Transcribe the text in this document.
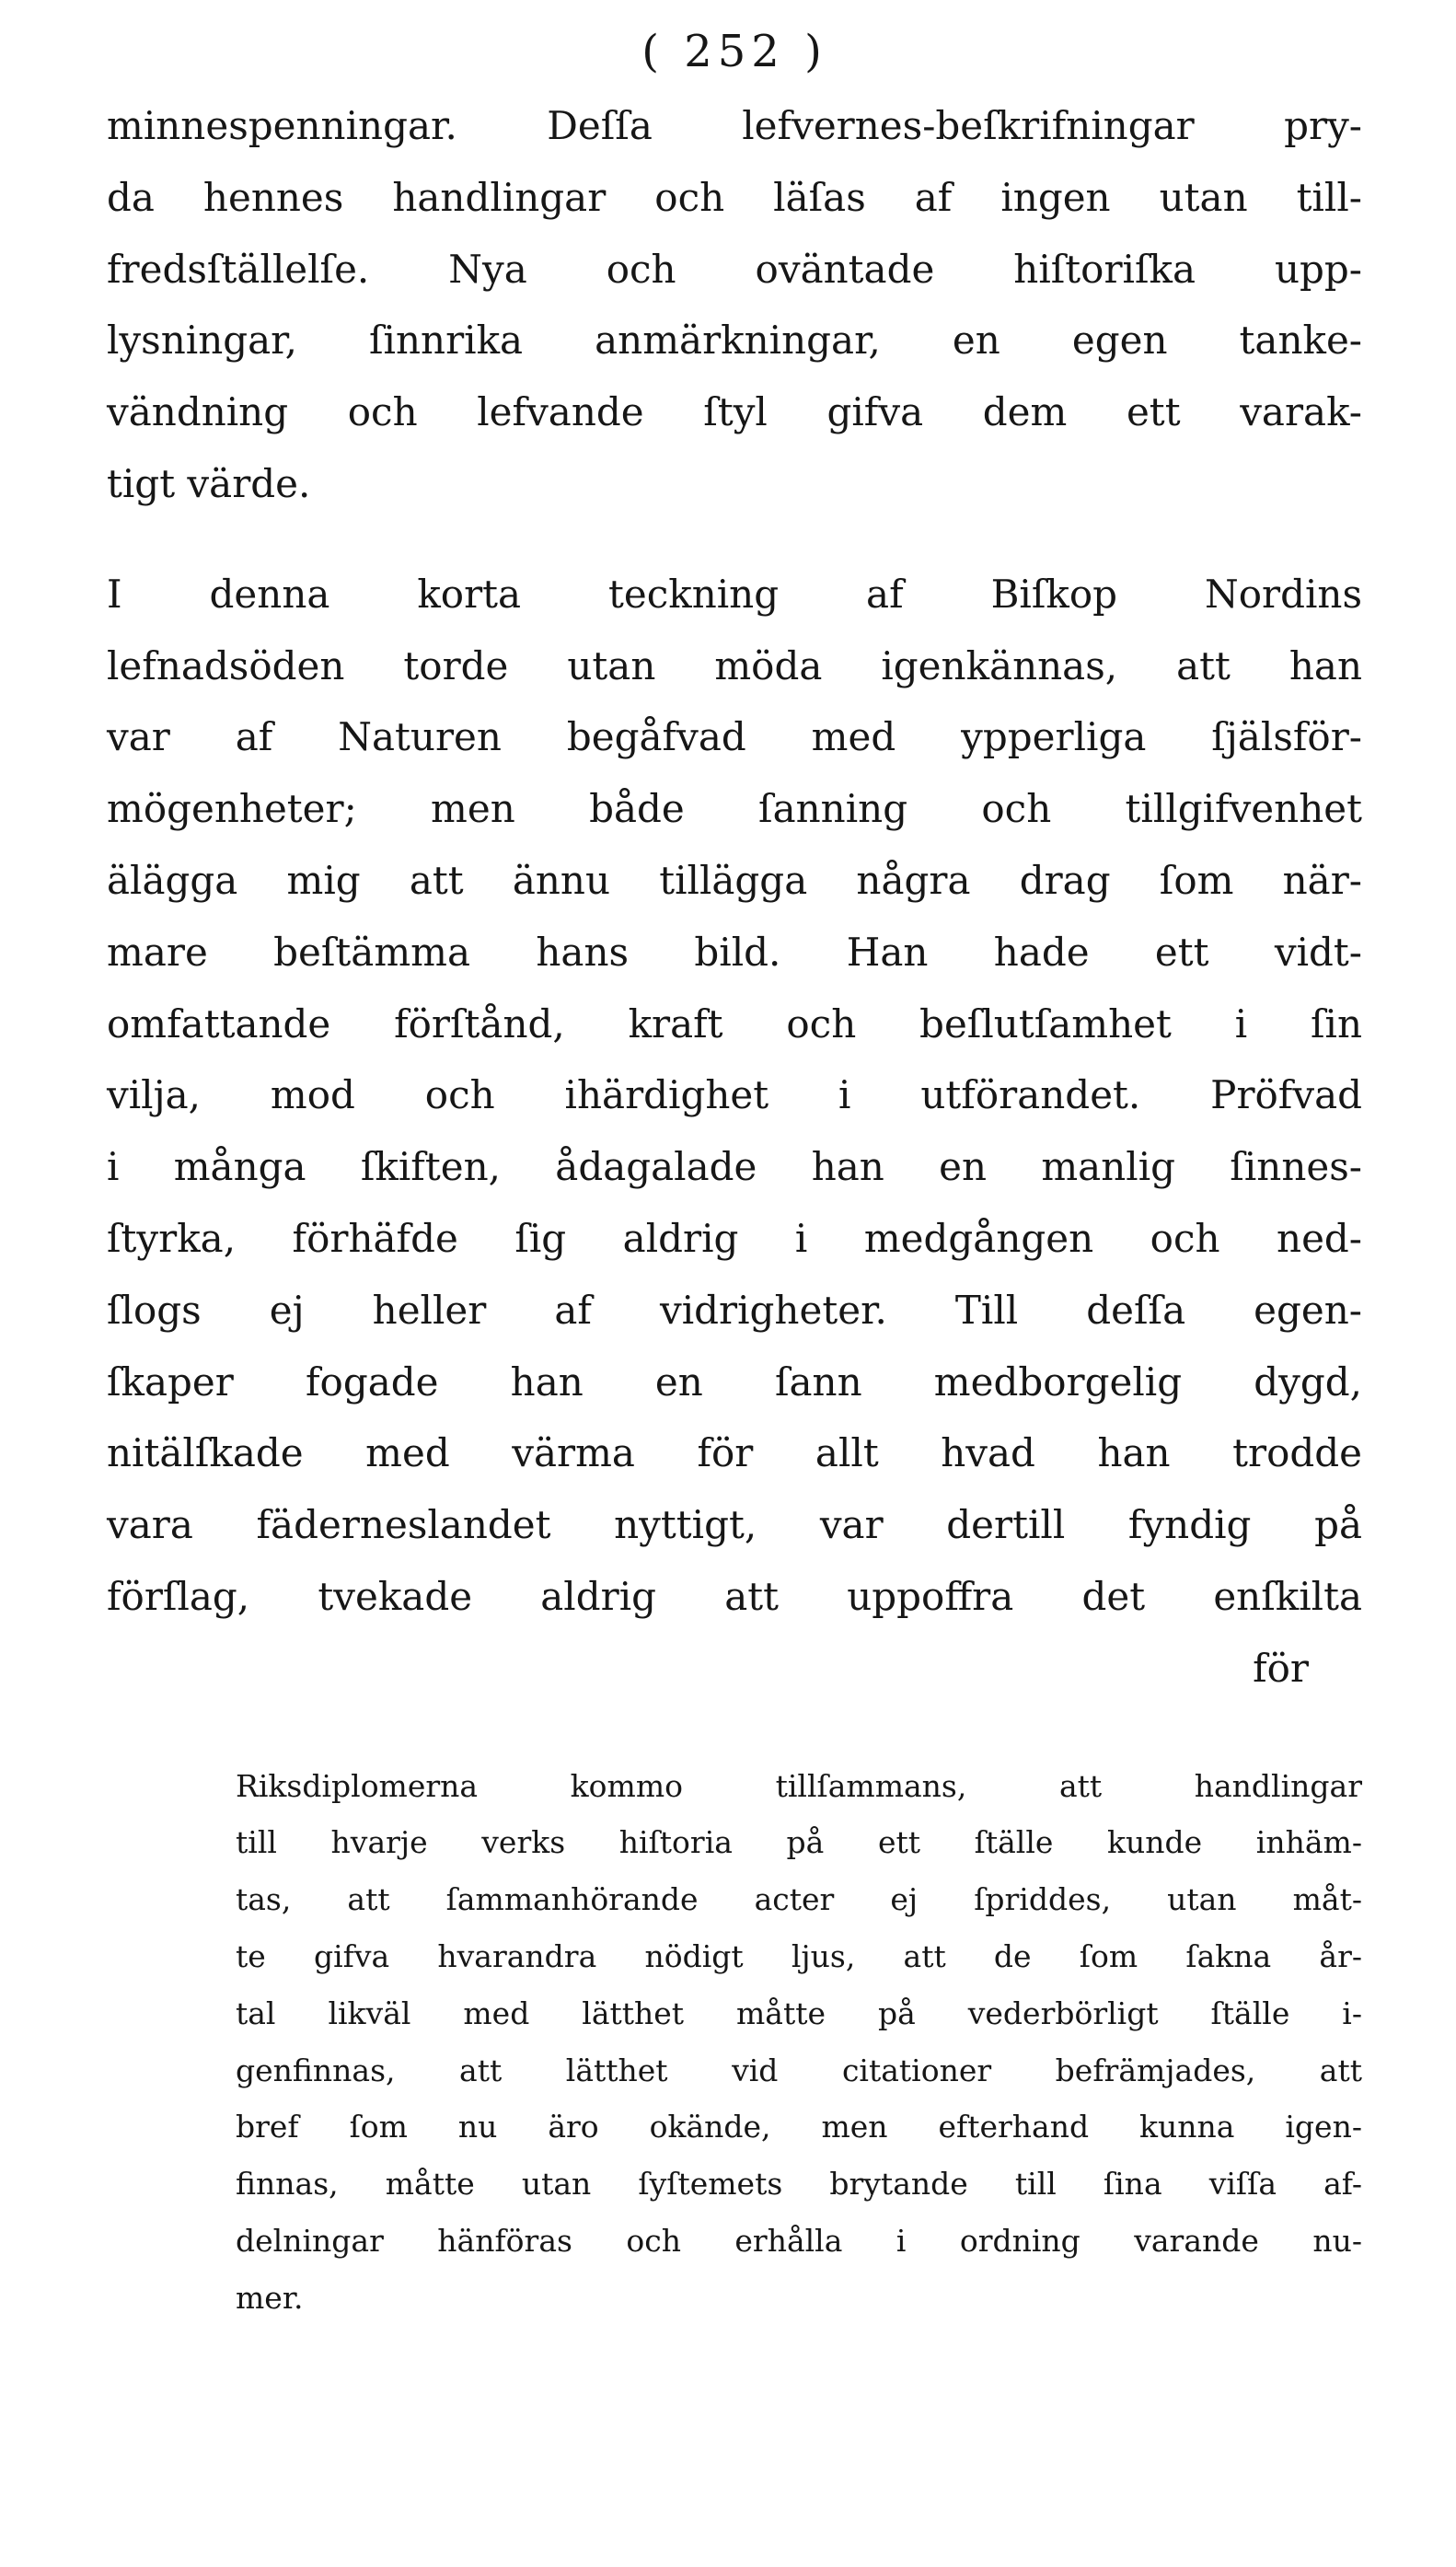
( 252 )
minnespenningar. Deſſa lefvernes-beſkrifningar pry-
da hennes handlingar och läſas af ingen utan till-
fredsſtällelſe. Nya och oväntade hiſtoriſka upp-
lysningar, ſinnrika anmärkningar, en egen tanke-
vändning och lefvande ſtyl gifva dem ett varak-
tigt värde.
I denna korta teckning af Biſkop Nordins
lefnadsöden torde utan möda igenkännas, att han
var af Naturen begåfvad med ypperliga ſjälsför-
mögenheter; men både ſanning och tillgifvenhet
älägga mig att ännu tillägga några drag ſom när-
mare beſtämma hans bild. Han hade ett vidt-
omfattande förſtånd, kraft och beſlutſamhet i ſin
vilja, mod och ihärdighet i utförandet. Pröfvad
i många ſkiften, ådagalade han en manlig ſinnes-
ſtyrka, förhäfde ſig aldrig i medgången och ned-
ſlogs ej heller af vidrigheter. Till deſſa egen-
ſkaper fogade han en ſann medborgelig dygd,
nitälſkade med värma för allt hvad han trodde
vara fäderneslandet nyttigt, var dertill fyndig på
förſlag, tvekade aldrig att uppoffra det enſkilta
för
Riksdiplomerna kommo tillſammans, att handlingar
till hvarje verks hiſtoria på ett ſtälle kunde inhäm-
tas, att ſammanhörande acter ej ſpriddes, utan måt-
te gifva hvarandra nödigt ljus, att de ſom ſakna år-
tal likväl med lätthet måtte på vederbörligt ſtälle i-
genfinnas, att lätthet vid citationer befrämjades, att
bref ſom nu äro okände, men efterhand kunna igen-
finnas, måtte utan ſyſtemets brytande till ſina viſſa af-
delningar hänföras och erhålla i ordning varande nu-
mer.
